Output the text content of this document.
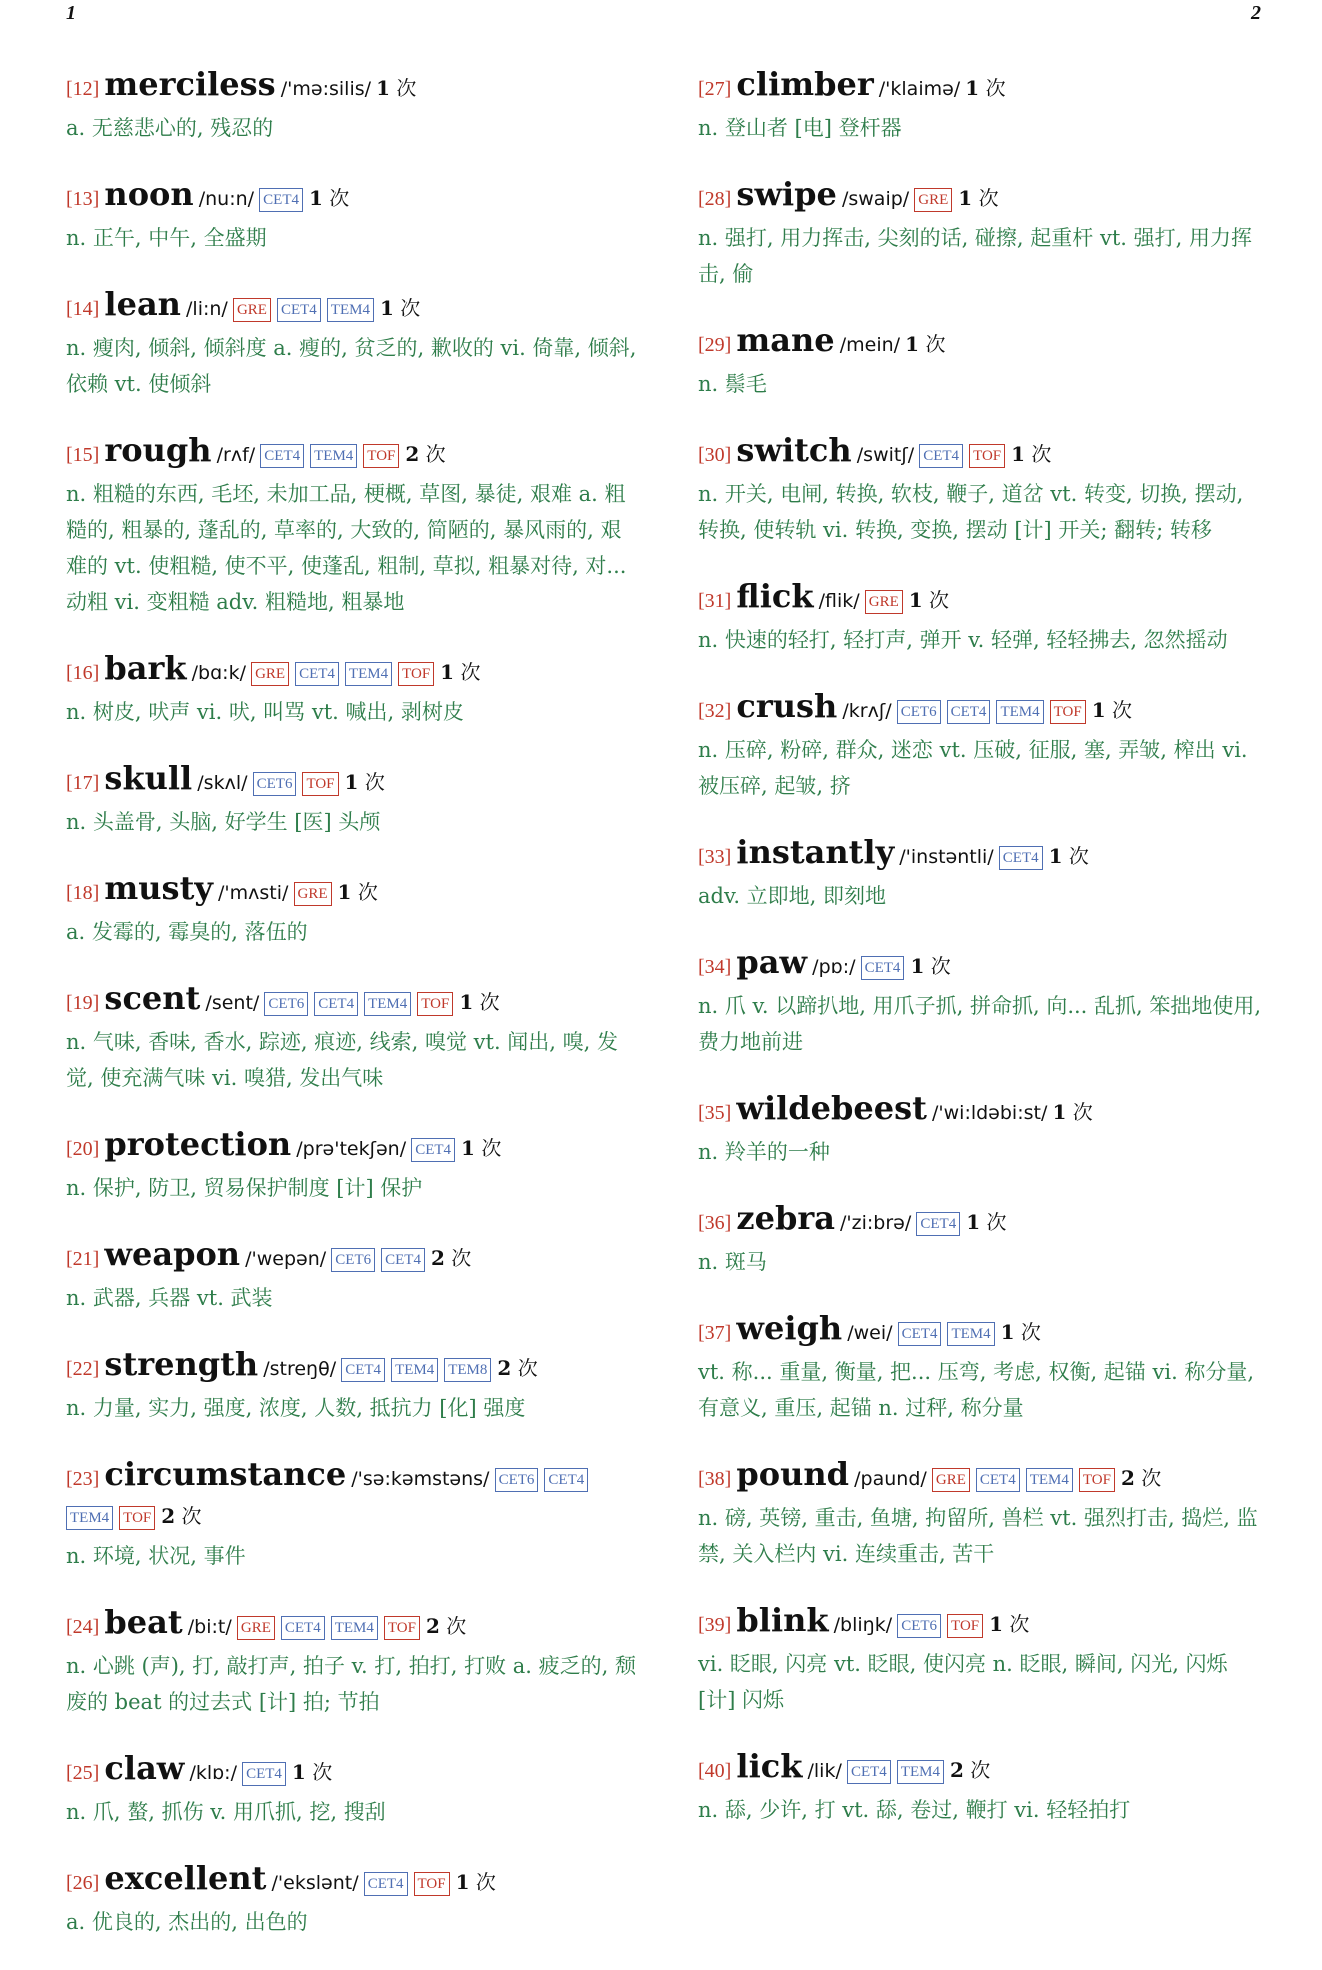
1	2
[12] merciless /'mə:silis/ 1 次
a. 无慈悲心的, 残忍的
[13] noon /nu:n/ CET4 1 次
n. 正午, 中午, 全盛期
[14] lean /li:n/ GRE CET4 TEM4 1 次
n. 瘦肉, 倾斜, 倾斜度 a. 瘦的, 贫乏的, 歉收的 vi. 倚靠, 倾斜, 依赖 vt. 使倾斜
[15] rough /rʌf/ CET4 TEM4 TOF 2 次
n. 粗糙的东西, 毛坯, 未加工品, 梗概, 草图, 暴徒, 艰难 a. 粗糙的, 粗暴的, 蓬乱的, 草率的, 大致的, 简陋的, 暴风雨的, 艰难的 vt. 使粗糙, 使不平, 使蓬乱, 粗制, 草拟, 粗暴对待, 对... 动粗 vi. 变粗糙 adv. 粗糙地, 粗暴地
[16] bark /bɑ:k/ GRE CET4 TEM4 TOF 1 次
n. 树皮, 吠声 vi. 吠, 叫骂 vt. 喊出, 剥树皮
[17] skull /skʌl/ CET6 TOF 1 次
n. 头盖骨, 头脑, 好学生 [医] 头颅
[18] musty /'mʌsti/ GRE 1 次
a. 发霉的, 霉臭的, 落伍的
[19] scent /sent/ CET6 CET4 TEM4 TOF 1 次
n. 气味, 香味, 香水, 踪迹, 痕迹, 线索, 嗅觉 vt. 闻出, 嗅, 发觉, 使充满气味 vi. 嗅猎, 发出气味
[20] protection /prə'tekʃən/ CET4 1 次
n. 保护, 防卫, 贸易保护制度 [计] 保护
[21] weapon /'wepən/ CET6 CET4 2 次
n. 武器, 兵器 vt. 武装
[22] strength /streŋθ/ CET4 TEM4 TEM8 2 次
n. 力量, 实力, 强度, 浓度, 人数, 抵抗力 [化] 强度
[23] circumstance /'sə:kəmstəns/ CET6 CET4TEM4 TOF 2 次
n. 环境, 状况, 事件
[24] beat /bi:t/ GRE CET4 TEM4 TOF 2 次
n. 心跳 (声), 打, 敲打声, 拍子 v. 打, 拍打, 打败 a. 疲乏的, 颓废的 beat 的过去式 [计] 拍; 节拍
[25] claw /klɒ:/ CET4 1 次
n. 爪, 螯, 抓伤 v. 用爪抓, 挖, 搜刮
[26] excellent /'ekslənt/ CET4 TOF 1 次
a. 优良的, 杰出的, 出色的
[27] climber /'klaimə/ 1 次
n. 登山者 [电] 登杆器
[28] swipe /swaip/ GRE 1 次
n. 强打, 用力挥击, 尖刻的话, 碰擦, 起重杆 vt. 强打, 用力挥击, 偷
[29] mane /mein/ 1 次
n. 鬃毛
[30] switch /switʃ/ CET4 TOF 1 次
n. 开关, 电闸, 转换, 软枝, 鞭子, 道岔 vt. 转变, 切换, 摆动, 转换, 使转轨 vi. 转换, 变换, 摆动 [计] 开关; 翻转; 转移
[31] flick /flik/ GRE 1 次
n. 快速的轻打, 轻打声, 弹开 v. 轻弹, 轻轻拂去, 忽然摇动
[32] crush /krʌʃ/ CET6 CET4 TEM4 TOF 1 次
n. 压碎, 粉碎, 群众, 迷恋 vt. 压破, 征服, 塞, 弄皱, 榨出 vi. 被压碎, 起皱, 挤
[33] instantly /'instəntli/ CET4 1 次
adv. 立即地, 即刻地
[34] paw /pɒ:/ CET4 1 次
n. 爪 v. 以蹄扒地, 用爪子抓, 拼命抓, 向... 乱抓, 笨拙地使用, 费力地前进
[35] wildebeest /'wi:ldəbi:st/ 1 次
n. 羚羊的一种
[36] zebra /'zi:brə/ CET4 1 次
n. 斑马
[37] weigh /wei/ CET4 TEM4 1 次
vt. 称... 重量, 衡量, 把... 压弯, 考虑, 权衡, 起锚 vi. 称分量, 有意义, 重压, 起锚 n. 过秤, 称分量
[38] pound /paund/ GRE CET4 TEM4 TOF 2 次
n. 磅, 英镑, 重击, 鱼塘, 拘留所, 兽栏 vt. 强烈打击, 捣烂, 监禁, 关入栏内 vi. 连续重击, 苦干
[39] blink /bliŋk/ CET6 TOF 1 次
vi. 眨眼, 闪亮 vt. 眨眼, 使闪亮 n. 眨眼, 瞬间, 闪光, 闪烁 [计] 闪烁
[40] lick /lik/ CET4 TEM4 2 次
n. 舔, 少许, 打 vt. 舔, 卷过, 鞭打 vi. 轻轻拍打
